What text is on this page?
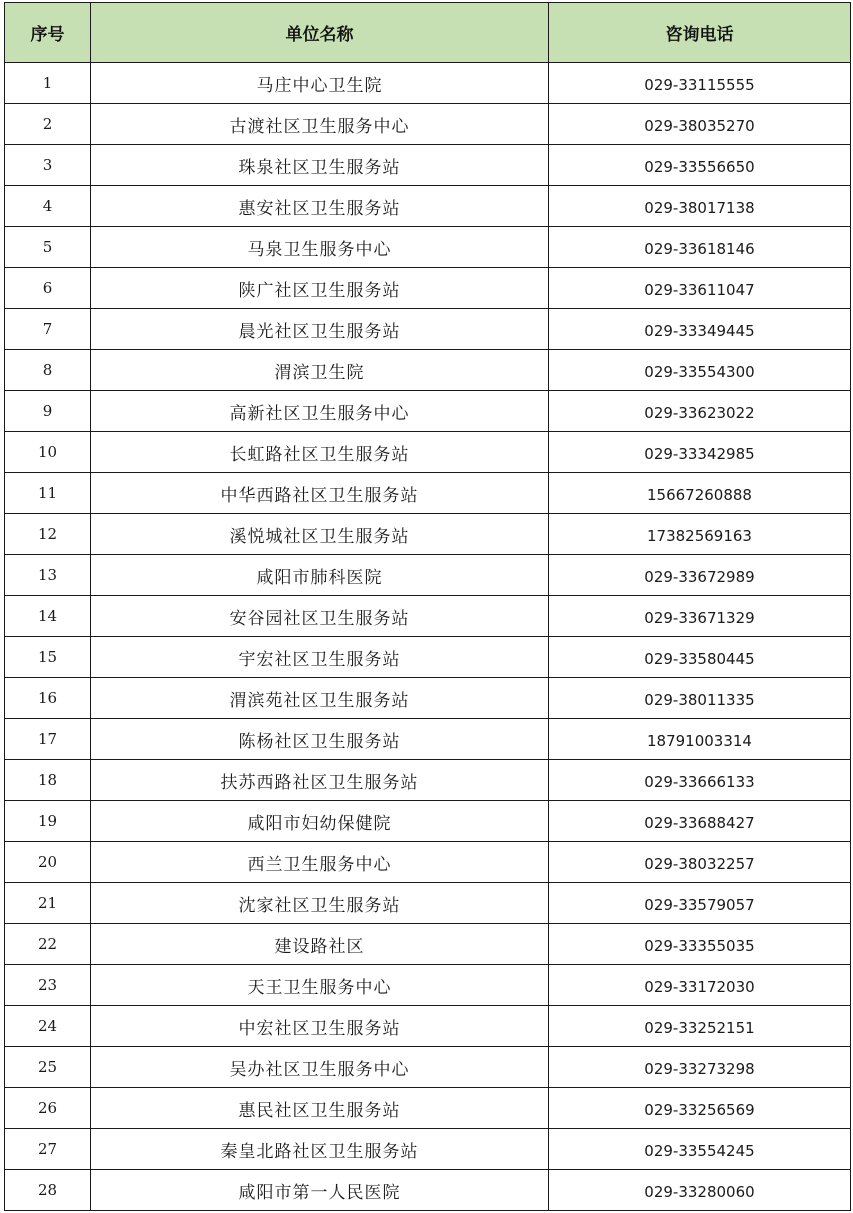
序号	单位名称	咨询电话
1	马庄中心卫生院	029-33115555
2	古渡社区卫生服务中心	029-38035270
3	珠泉社区卫生服务站	029-33556650
4	惠安社区卫生服务站	029-38017138
5	马泉卫生服务中心	029-33618146
6	陕广社区卫生服务站	029-33611047
7	晨光社区卫生服务站	029-33349445
8	渭滨卫生院	029-33554300
9	高新社区卫生服务中心	029-33623022
10	长虹路社区卫生服务站	029-33342985
11	中华西路社区卫生服务站	15667260888
12	溪悦城社区卫生服务站	17382569163
13	咸阳市肺科医院	029-33672989
14	安谷园社区卫生服务站	029-33671329
15	宇宏社区卫生服务站	029-33580445
16	渭滨苑社区卫生服务站	029-38011335
17	陈杨社区卫生服务站	18791003314
18	扶苏西路社区卫生服务站	029-33666133
19	咸阳市妇幼保健院	029-33688427
20	西兰卫生服务中心	029-38032257
21	沈家社区卫生服务站	029-33579057
22	建设路社区	029-33355035
23	天王卫生服务中心	029-33172030
24	中宏社区卫生服务站	029-33252151
25	吴办社区卫生服务中心	029-33273298
26	惠民社区卫生服务站	029-33256569
27	秦皇北路社区卫生服务站	029-33554245
28	咸阳市第一人民医院	029-33280060
